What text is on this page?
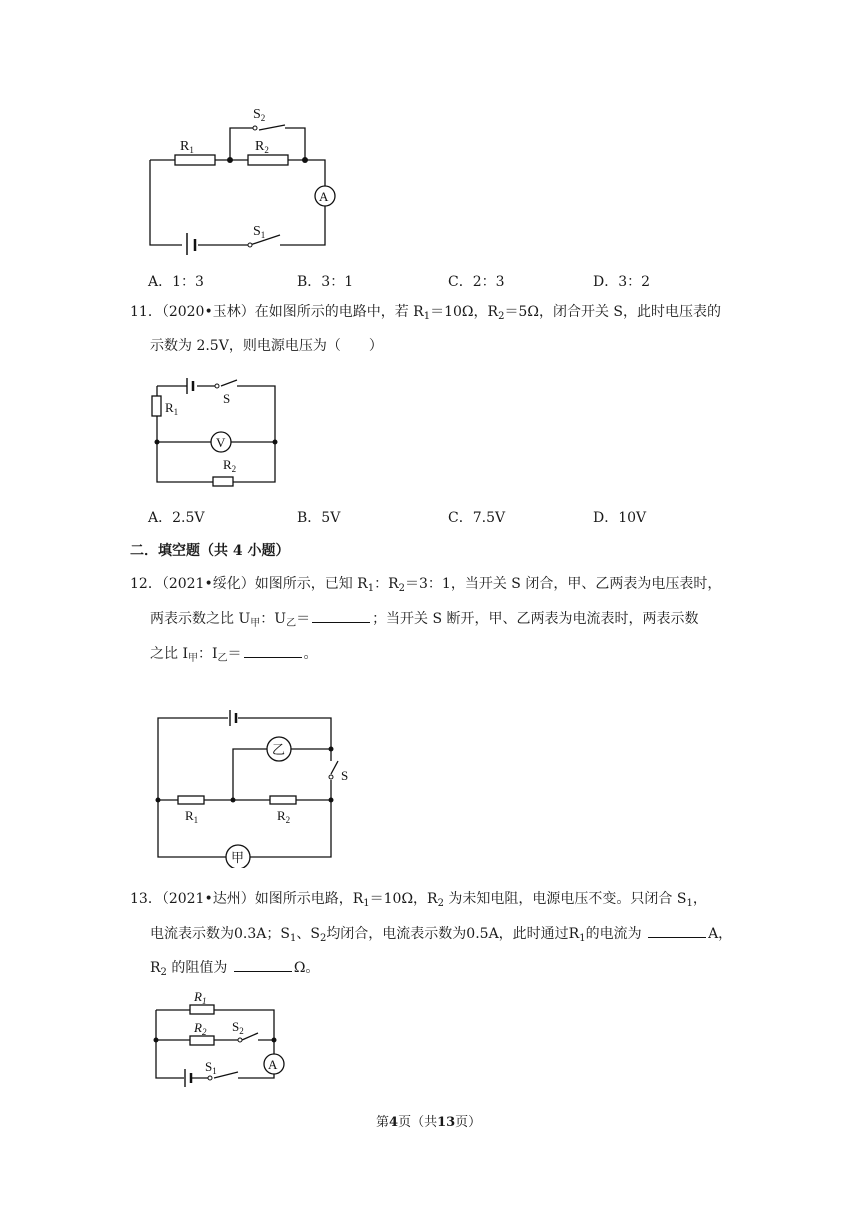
A
$R_1$	$R_2$
$S_2$
$S_1$
A．1：3	B．3：1	C．2：3	D．3：2
11．（2020•玉林）在如图所示的电路中，若 $R_1=10\Omega$，$R_2=5\Omega$，闭合开关 S，此时电压表的
示数为 2.5V，则电源电压为（　　）
V
S
$R_1$
$R_2$
A．2.5V	B．5V	C．7.5V	D．10V
二．填空题（共 4 小题）
12．（2021•绥化）如图所示，已知 $R_1$：$R_2=3$：1，当开关 S 闭合，甲、乙两表为电压表时，
两表示数之比 $U_甲$：$U_乙=$	；当开关 S 断开，甲、乙两表为电流表时，两表示数
之比 $I_甲$：$I_乙=$	。
乙
甲
S
$R_1$	$R_2$
13．（2021•达州）如图所示电路，$R_1=10\Omega$，$R_2$ 为未知电阻，电源电压不变。只闭合 $S_1$，
电流表示数为0.3A；$S_1$、$S_2$均闭合，电流表示数为0.5A，此时通过$R_1$的电流为	A，
$R_2$ 的阻值为	Ω。
A
$R_1$
$R_2$ $S_2$
$S_1$
第4页（共13页）
